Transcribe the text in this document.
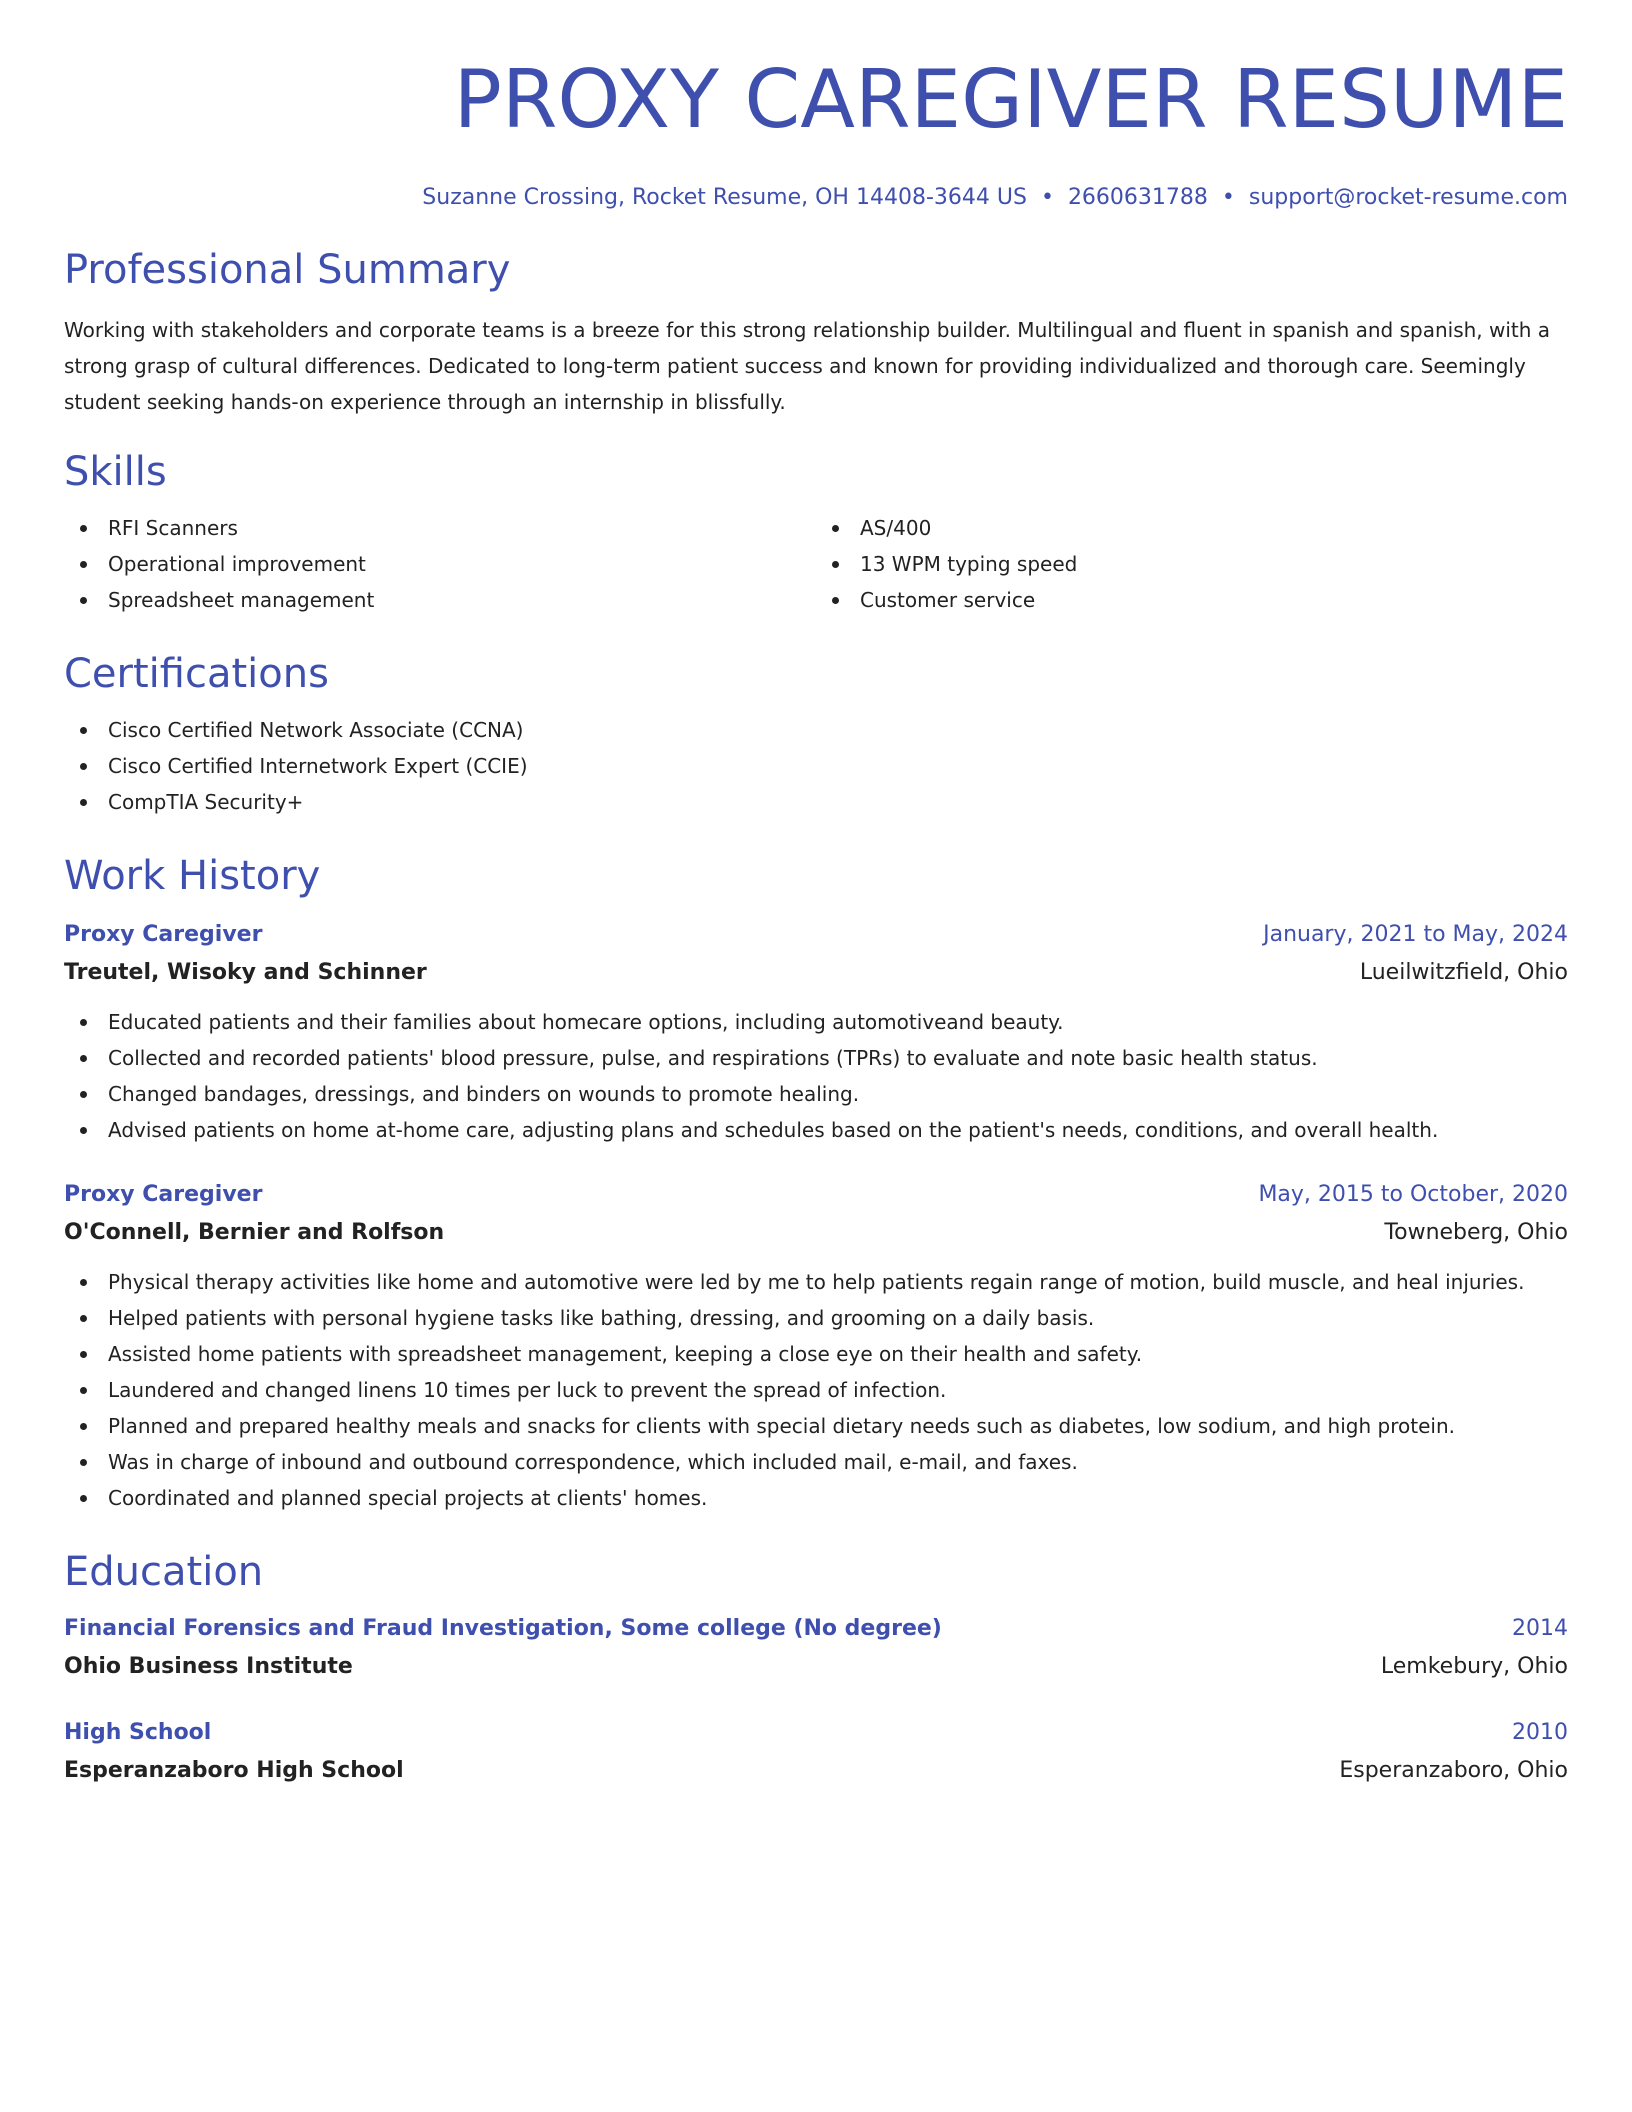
PROXY CAREGIVER RESUME
Suzanne Crossing, Rocket Resume, OH 14408-3644 US • 2660631788 • support@rocket-resume.com
Professional Summary

Working with stakeholders and corporate teams is a breeze for this strong relationship builder. Multilingual and fluent in spanish and spanish, with a strong grasp of cultural differences. Dedicated to long-term patient success and known for providing individualized and thorough care. Seemingly student seeking hands-on experience through an internship in blissfully.

Skills
RFI Scanners
Operational improvement
Spreadsheet management
AS/400
13 WPM typing speed
Customer service
Certifications
Cisco Certified Network Associate (CCNA)
Cisco Certified Internetwork Expert (CCIE)
CompTIA Security+
Work History
Proxy Caregiver	January, 2021 to May, 2024
Treutel, Wisoky and Schinner	Lueilwitzfield, Ohio
Educated patients and their families about homecare options, including automotiveand beauty.
Collected and recorded patients' blood pressure, pulse, and respirations (TPRs) to evaluate and note basic health status.
Changed bandages, dressings, and binders on wounds to promote healing.
Advised patients on home at-home care, adjusting plans and schedules based on the patient's needs, conditions, and overall health.
Proxy Caregiver	May, 2015 to October, 2020
O'Connell, Bernier and Rolfson	Towneberg, Ohio
Physical therapy activities like home and automotive were led by me to help patients regain range of motion, build muscle, and heal injuries.
Helped patients with personal hygiene tasks like bathing, dressing, and grooming on a daily basis.
Assisted home patients with spreadsheet management, keeping a close eye on their health and safety.
Laundered and changed linens 10 times per luck to prevent the spread of infection.
Planned and prepared healthy meals and snacks for clients with special dietary needs such as diabetes, low sodium, and high protein.
Was in charge of inbound and outbound correspondence, which included mail, e-mail, and faxes.
Coordinated and planned special projects at clients' homes.
Education
Financial Forensics and Fraud Investigation, Some college (No degree)	2014
Ohio Business Institute	Lemkebury, Ohio
High School	2010
Esperanzaboro High School	Esperanzaboro, Ohio
